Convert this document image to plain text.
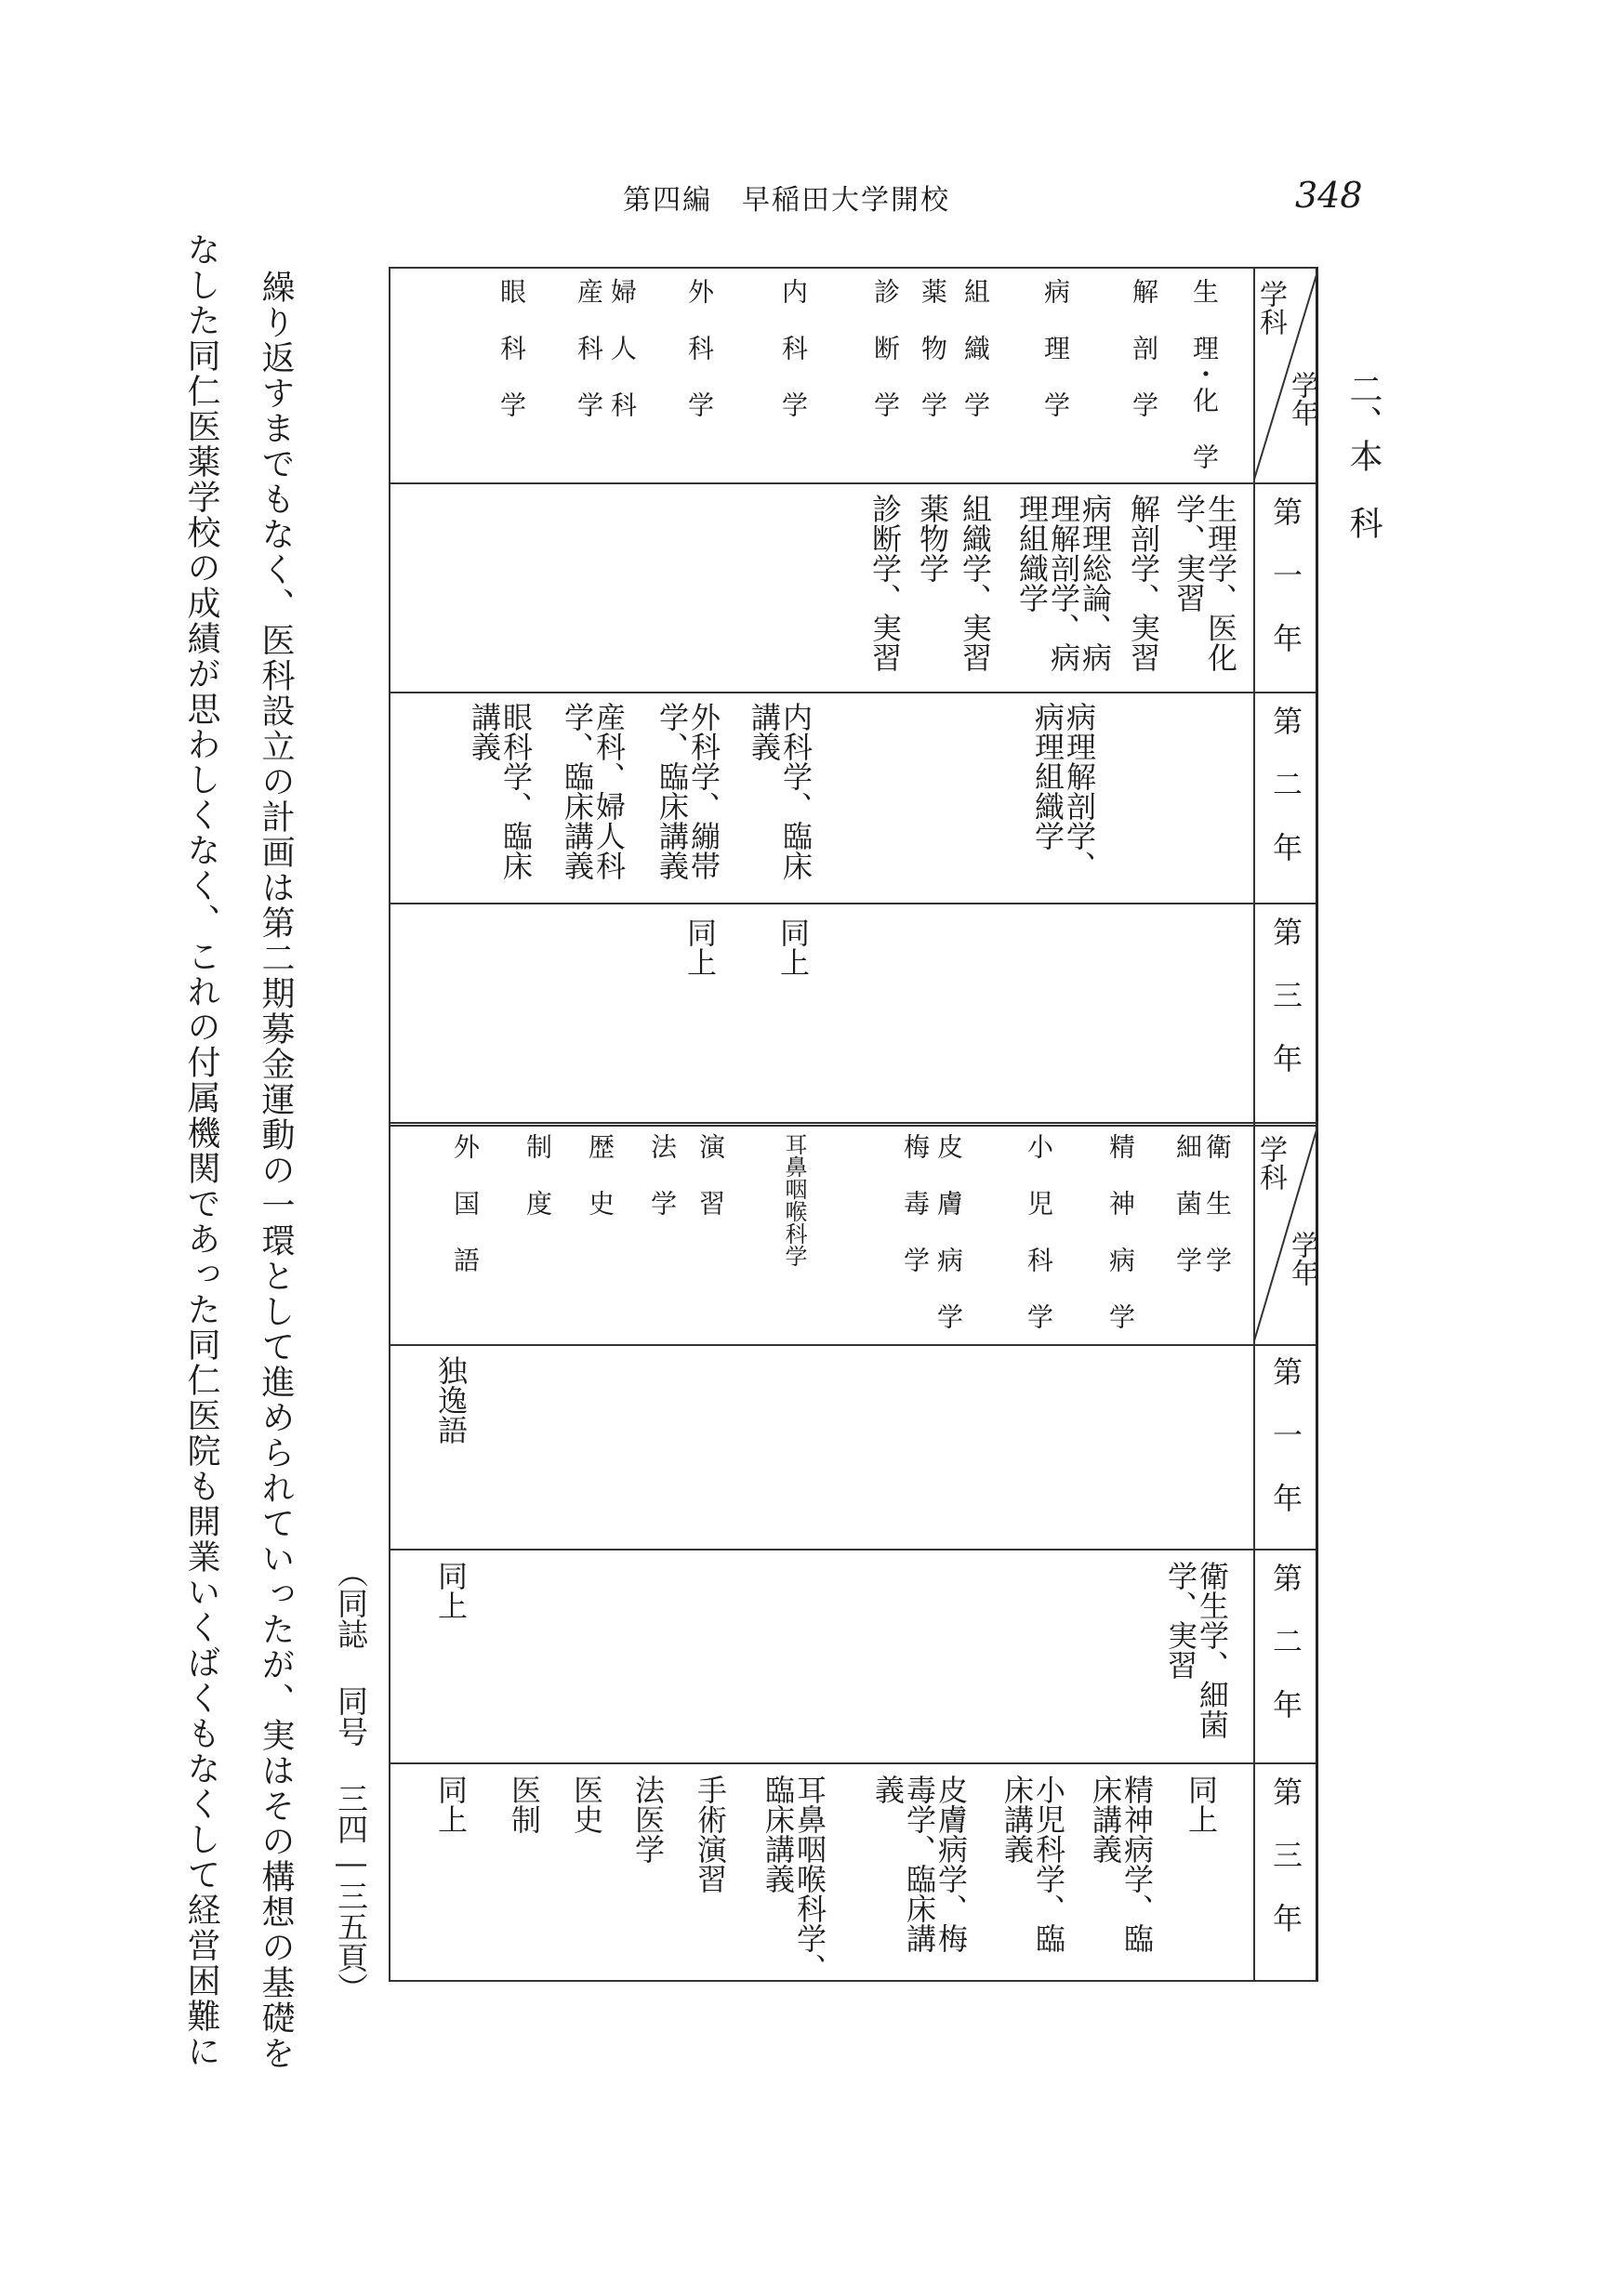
第四編　早稲田大学開校	348
二、本　科
学科
学年
第一年
第二年
第三年
生 理・化 学
解 剖 学
病 理 学
組 織 学
薬 物 学
診 断 学
内 科 学
外 科 学
婦 人 科
産 科 学
眼 科 学
生理学、医化
学、実習
解剖学、実習
病理総論、病
理解剖学、病
理組織学
組織学、実習
薬物学
診断学、実習
病理解剖学、
病理組織学
内科学、臨床
講義
外科学、繃帯
学、臨床講義
産科、婦人科
学、臨床講義
眼科学、臨床
講義
同上
同上
学科
学年
第一年
第二年
第三年
衛 生 学
細 菌 学
精 神 病 学
小 児 科 学
皮 膚 病 学
梅 毒 学
耳鼻咽喉科学
演 習
法 学
歴 史
制 度
外 国 語
独逸語
衛生学、細菌
学、実習
同上
同上
精神病学、臨
床講義
小児科学、臨
床講義
皮膚病学、梅
毒学、臨床講
義
耳鼻咽喉科学、
臨床講義
手術演習
法医学
医史
医制
同上
（同誌 同号 三四―三五頁）
繰り返すまでもなく、医科設立の計画は第二期募金運動の一環として進められていったが、実はその構想の基礎を
なした同仁医薬学校の成績が思わしくなく、これの付属機関であった同仁医院も開業いくばくもなくして経営困難に
